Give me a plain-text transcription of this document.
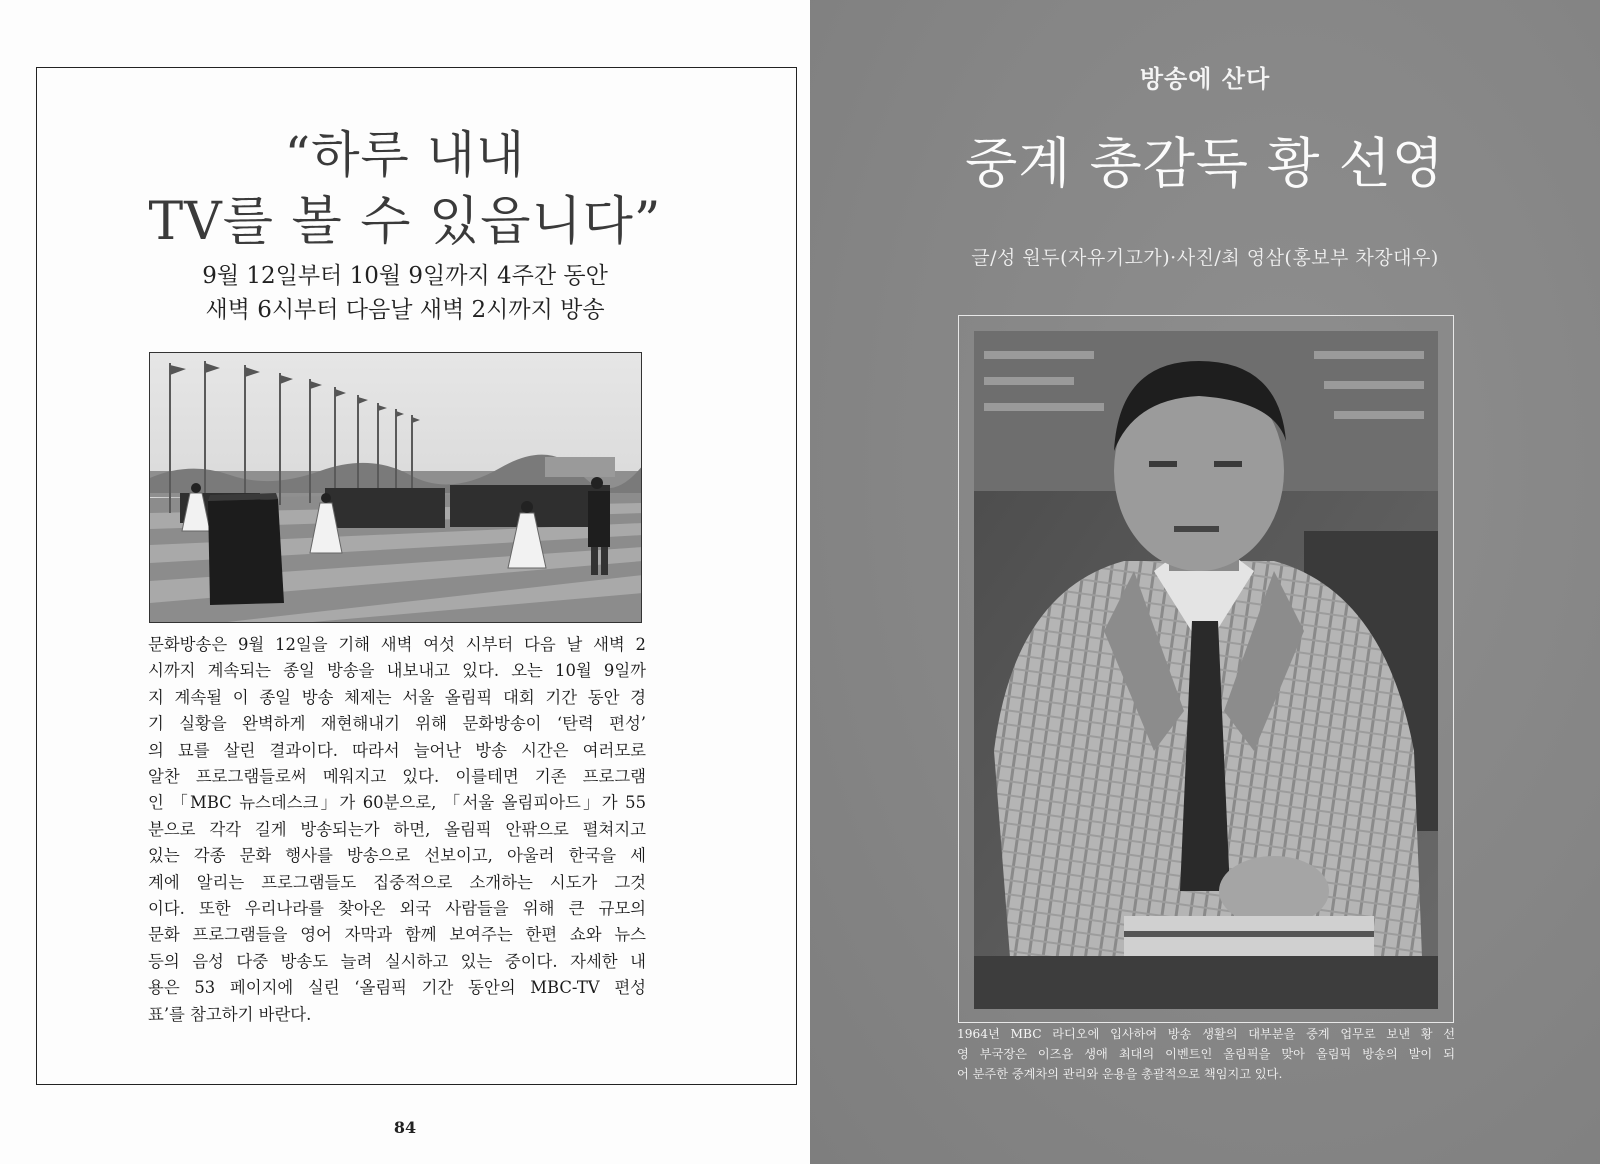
“하루 내내
TV를 볼 수 있읍니다”
9월 12일부터 10월 9일까지 4주간 동안
새벽 6시부터 다음날 새벽 2시까지 방송
문화방송은 9월 12일을 기해 새벽 여섯 시부터 다음 날 새벽 2
시까지 계속되는 종일 방송을 내보내고 있다. 오는 10월 9일까
지 계속될 이 종일 방송 체제는 서울 올림픽 대회 기간 동안 경
기 실황을 완벽하게 재현해내기 위해 문화방송이 ‘탄력 편성’
의 묘를 살린 결과이다. 따라서 늘어난 방송 시간은 여러모로
알찬 프로그램들로써 메워지고 있다. 이를테면 기존 프로그램
인 「MBC 뉴스데스크」가 60분으로, 「서울 올림피아드」가 55
분으로 각각 길게 방송되는가 하면, 올림픽 안팎으로 펼쳐지고
있는 각종 문화 행사를 방송으로 선보이고, 아울러 한국을 세
계에 알리는 프로그램들도 집중적으로 소개하는 시도가 그것
이다. 또한 우리나라를 찾아온 외국 사람들을 위해 큰 규모의
문화 프로그램들을 영어 자막과 함께 보여주는 한편 쇼와 뉴스
등의 음성 다중 방송도 늘려 실시하고 있는 중이다. 자세한 내
용은 53 페이지에 실린 ‘올림픽 기간 동안의 MBC-TV 편성
표’를 참고하기 바란다.
84
방송에 산다
중계 총감독 황 선영
글/성 원두(자유기고가)·사진/최 영삼(홍보부 차장대우)
1964년 MBC 라디오에 입사하여 방송 생활의 대부분을 중계 업무로 보낸 황 선
영 부국장은 이즈음 생애 최대의 이벤트인 올림픽을 맞아 올림픽 방송의 발이 되
어 분주한 중계차의 관리와 운용을 총괄적으로 책임지고 있다.
